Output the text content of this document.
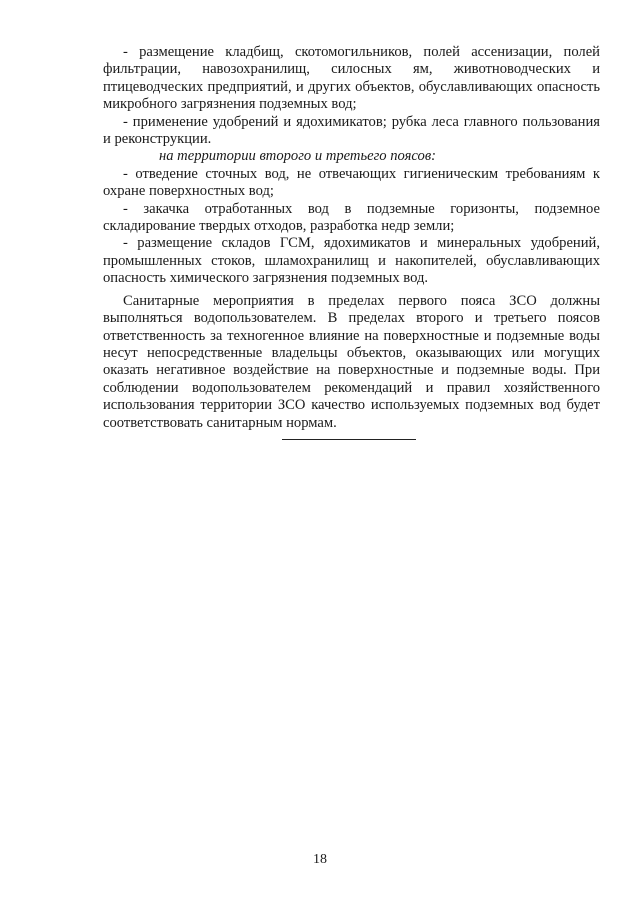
- размещение кладбищ, скотомогильников, полей ассенизации, полей фильтрации, навозохранилищ, силосных ям, животноводческих и птицеводческих предприятий, и других объектов, обуславливающих опасность микробного загрязнения подземных вод;

- применение удобрений и ядохимикатов; рубка леса главного пользования и реконструкции.

на территории второго и третьего поясов:

- отведение сточных вод, не отвечающих гигиеническим требованиям к охране поверхностных вод;

- закачка отработанных вод в подземные горизонты, подземное складирование твердых отходов, разработка недр земли;

- размещение складов ГСМ, ядохимикатов и минеральных удобрений, промышленных стоков, шламохранилищ и накопителей, обуславливающих опасность химического загрязнения подземных вод.

Санитарные мероприятия в пределах первого пояса ЗСО должны выполняться водопользователем. В пределах второго и третьего поясов ответственность за техногенное влияние на поверхностные и подземные воды несут непосредственные владельцы объектов, оказывающих или могущих оказать негативное воздействие на поверхностные и подземные воды. При соблюдении водопользователем рекомендаций и правил хозяйственного использования территории ЗСО качество используемых подземных вод будет соответствовать санитарным нормам.

18
